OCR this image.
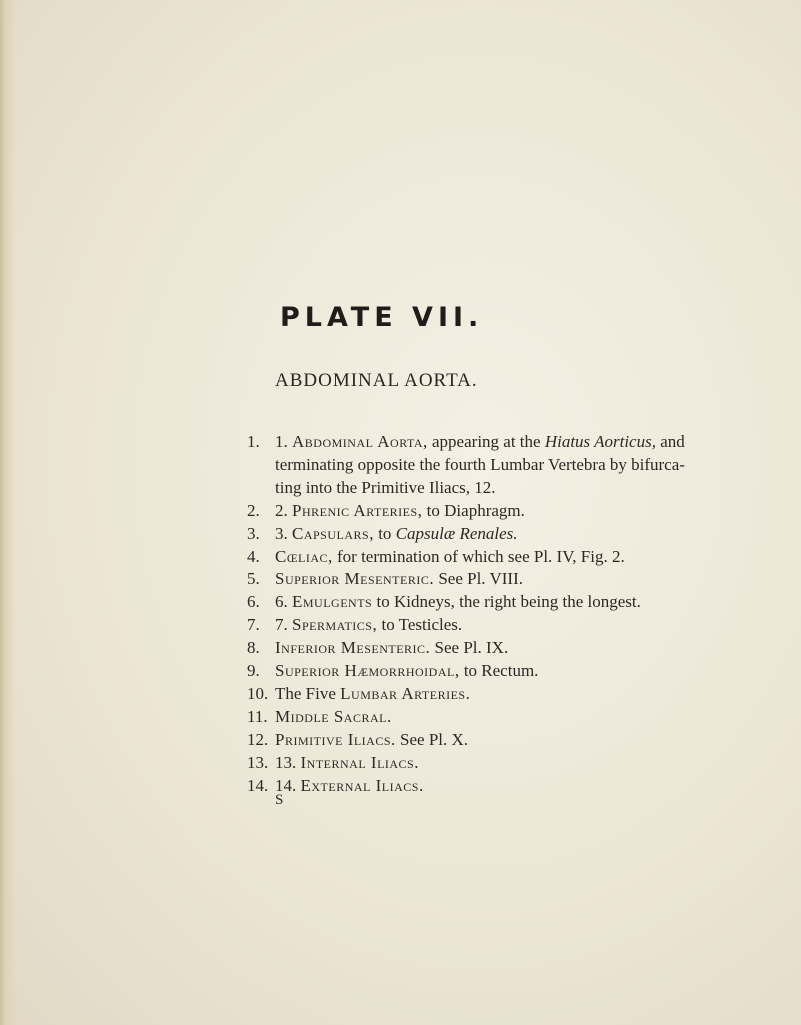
PLATE VII.
ABDOMINAL AORTA.
1. 1. Abdominal Aorta, appearing at the Hiatus Aorticus, and
terminating opposite the fourth Lumbar Vertebra by bifurca-
ting into the Primitive Iliacs, 12.
2. 2. Phrenic Arteries, to Diaphragm.
3. 3. Capsulars, to Capsulæ Renales.
4. Cœliac, for termination of which see Pl. IV, Fig. 2.
5. Superior Mesenteric. See Pl. VIII.
6. 6. Emulgents to Kidneys, the right being the longest.
7. 7. Spermatics, to Testicles.
8. Inferior Mesenteric. See Pl. IX.
9. Superior Hæmorrhoidal, to Rectum.
10. The Five Lumbar Arteries.
11. Middle Sacral.
12. Primitive Iliacs. See Pl. X.
13. 13. Internal Iliacs.
14. 14. External Iliacs.
S
